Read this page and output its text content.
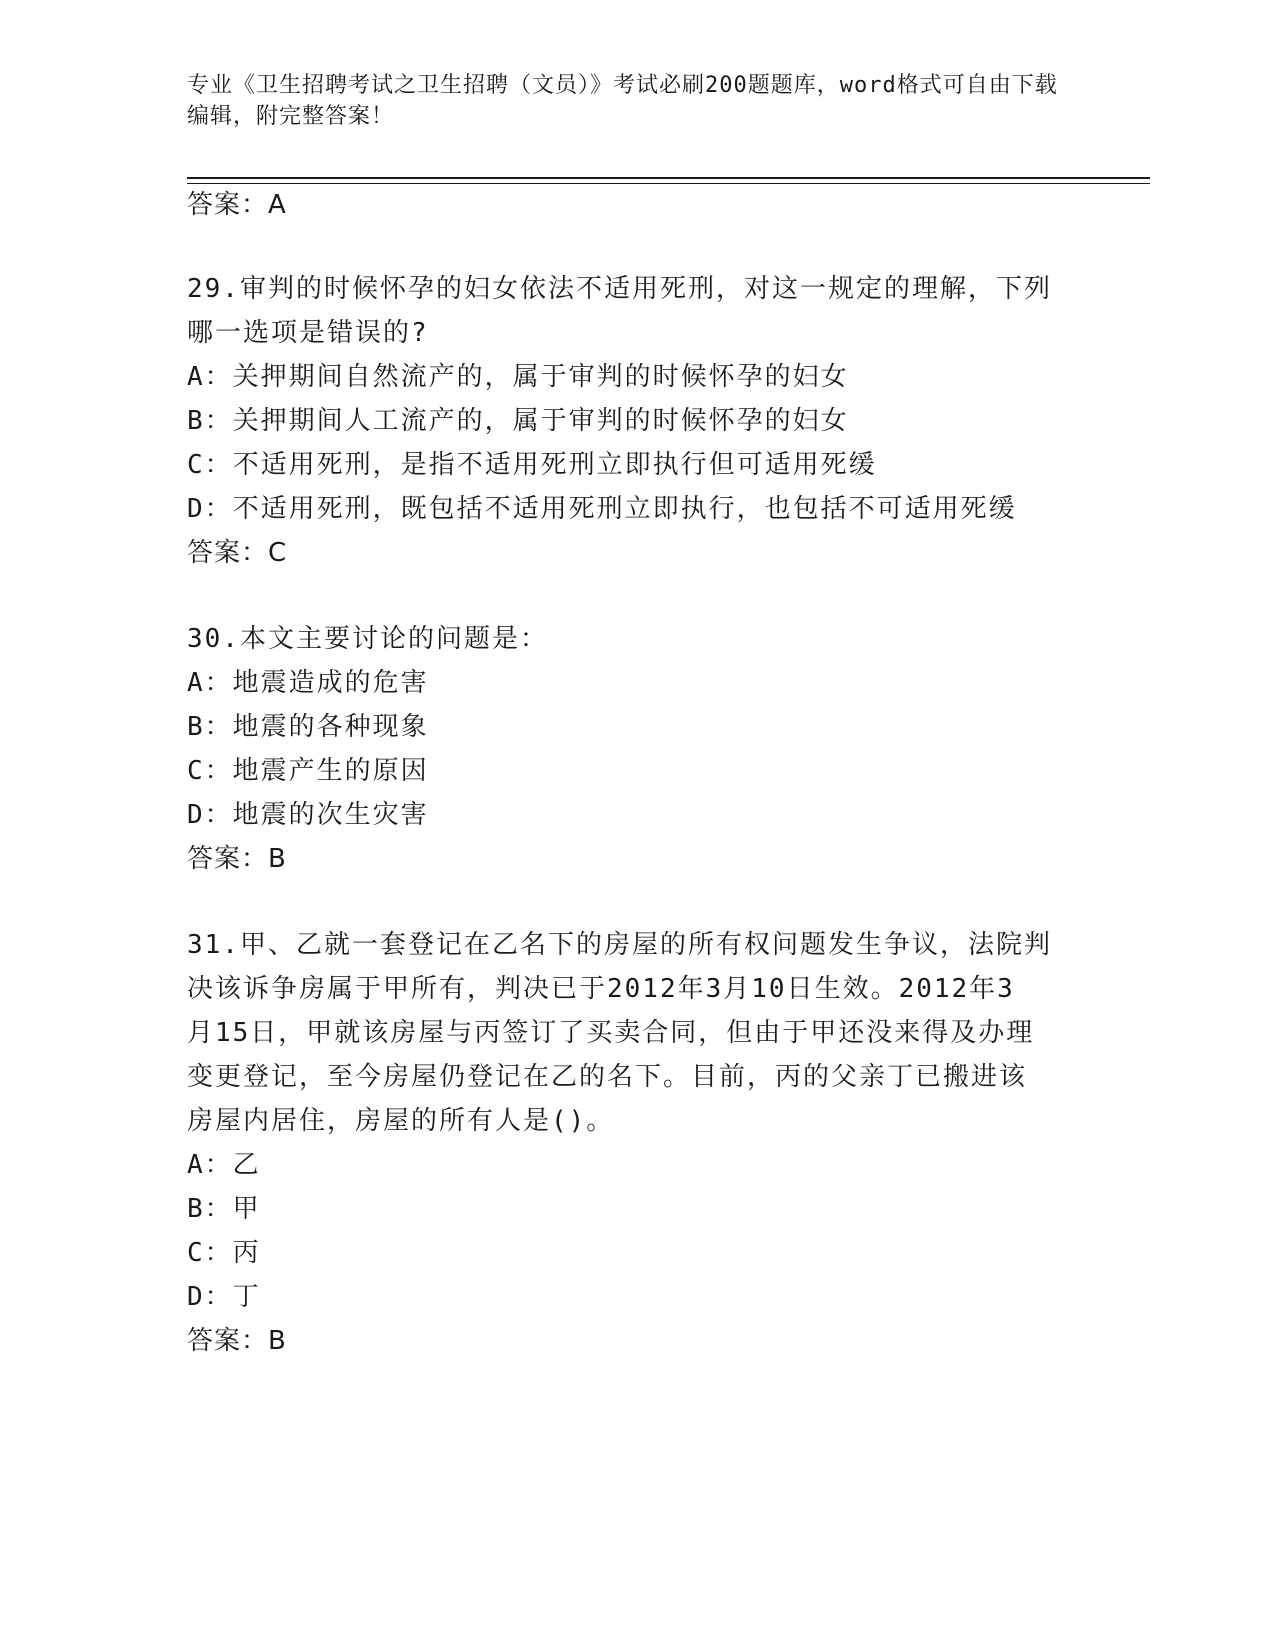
专业《卫生招聘考试之卫生招聘（文员）》考试必刷200题题库，word格式可自由下载编辑，附完整答案！
答案：A
29.审判的时候怀孕的妇女依法不适用死刑，对这一规定的理解，下列
哪一选项是错误的?
A：关押期间自然流产的，属于审判的时候怀孕的妇女
B：关押期间人工流产的，属于审判的时候怀孕的妇女
C：不适用死刑，是指不适用死刑立即执行但可适用死缓
D：不适用死刑，既包括不适用死刑立即执行，也包括不可适用死缓
答案：C
30.本文主要讨论的问题是：
A：地震造成的危害
B：地震的各种现象
C：地震产生的原因
D：地震的次生灾害
答案：B
31.甲、乙就一套登记在乙名下的房屋的所有权问题发生争议，法院判
决该诉争房属于甲所有，判决已于2012年3月10日生效。2012年3
月15日，甲就该房屋与丙签订了买卖合同，但由于甲还没来得及办理
变更登记，至今房屋仍登记在乙的名下。目前，丙的父亲丁已搬进该
房屋内居住，房屋的所有人是()。
A：乙
B：甲
C：丙
D：丁
答案：B
